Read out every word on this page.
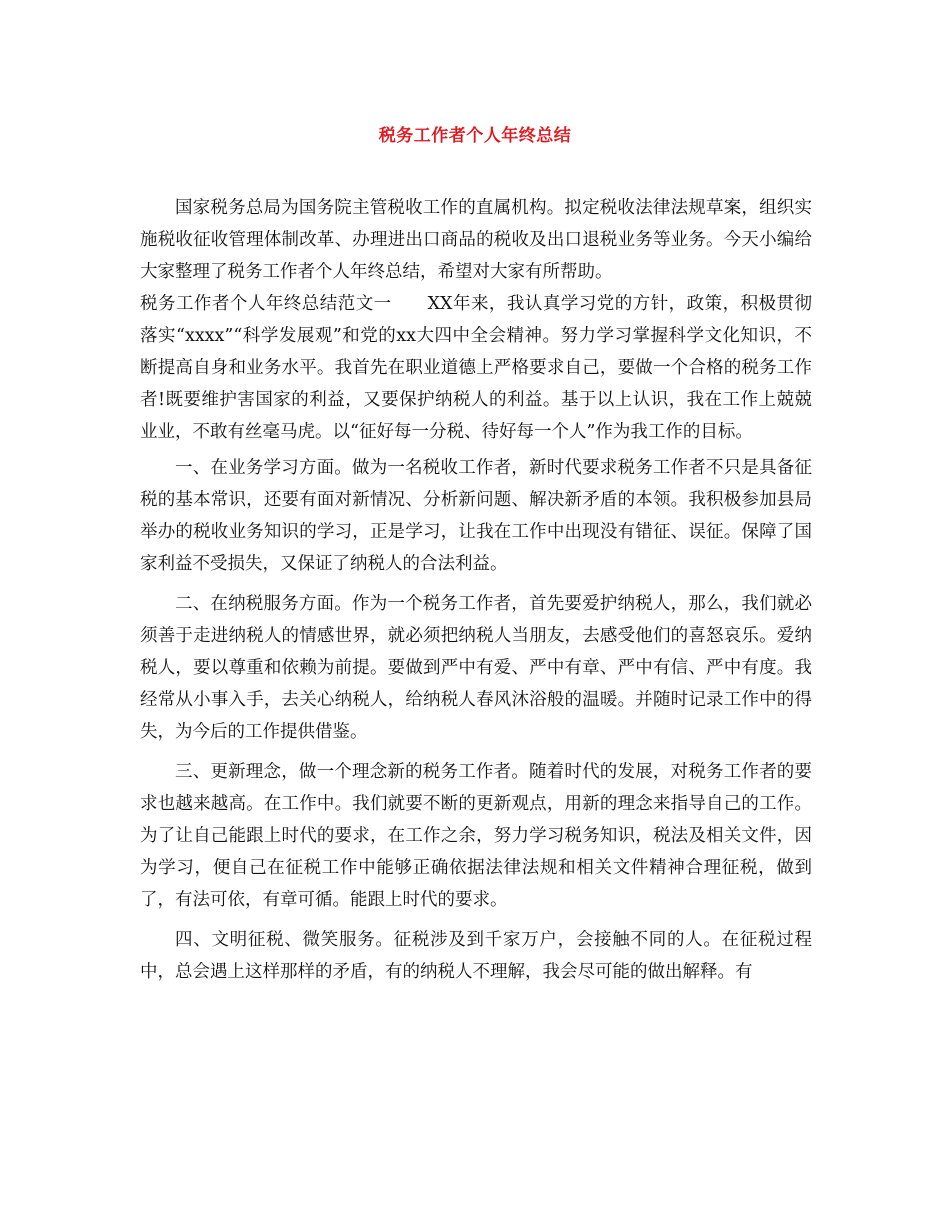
税务工作者个人年终总结

国家税务总局为国务院主管税收工作的直属机构。拟定税收法律法规草案，组织实施税收征收管理体制改革、办理进出口商品的税收及出口退税业务等业务。今天小编给大家整理了税务工作者个人年终总结，希望对大家有所帮助。

税务工作者个人年终总结范文一　　XX年来，我认真学习党的方针，政策，积极贯彻落实“xxxx”“科学发展观”和党的xx大四中全会精神。努力学习掌握科学文化知识，不断提高自身和业务水平。我首先在职业道德上严格要求自己，要做一个合格的税务工作者!既要维护害国家的利益，又要保护纳税人的利益。基于以上认识，我在工作上兢兢业业，不敢有丝毫马虎。以“征好每一分税、待好每一个人”作为我工作的目标。

一、在业务学习方面。做为一名税收工作者，新时代要求税务工作者不只是具备征税的基本常识，还要有面对新情况、分析新问题、解决新矛盾的本领。我积极参加县局举办的税收业务知识的学习，正是学习，让我在工作中出现没有错征、误征。保障了国家利益不受损失，又保证了纳税人的合法利益。

二、在纳税服务方面。作为一个税务工作者，首先要爱护纳税人，那么，我们就必须善于走进纳税人的情感世界，就必须把纳税人当朋友，去感受他们的喜怒哀乐。爱纳税人，要以尊重和依赖为前提。要做到严中有爱、严中有章、严中有信、严中有度。我经常从小事入手，去关心纳税人，给纳税人春风沐浴般的温暖。并随时记录工作中的得失，为今后的工作提供借鉴。

三、更新理念，做一个理念新的税务工作者。随着时代的发展，对税务工作者的要求也越来越高。在工作中。我们就要不断的更新观点，用新的理念来指导自己的工作。为了让自己能跟上时代的要求，在工作之余，努力学习税务知识，税法及相关文件，因为学习，便自己在征税工作中能够正确依据法律法规和相关文件精神合理征税，做到了，有法可依，有章可循。能跟上时代的要求。

四、文明征税、微笑服务。征税涉及到千家万户，会接触不同的人。在征税过程中，总会遇上这样那样的矛盾，有的纳税人不理解，我会尽可能的做出解释。有
